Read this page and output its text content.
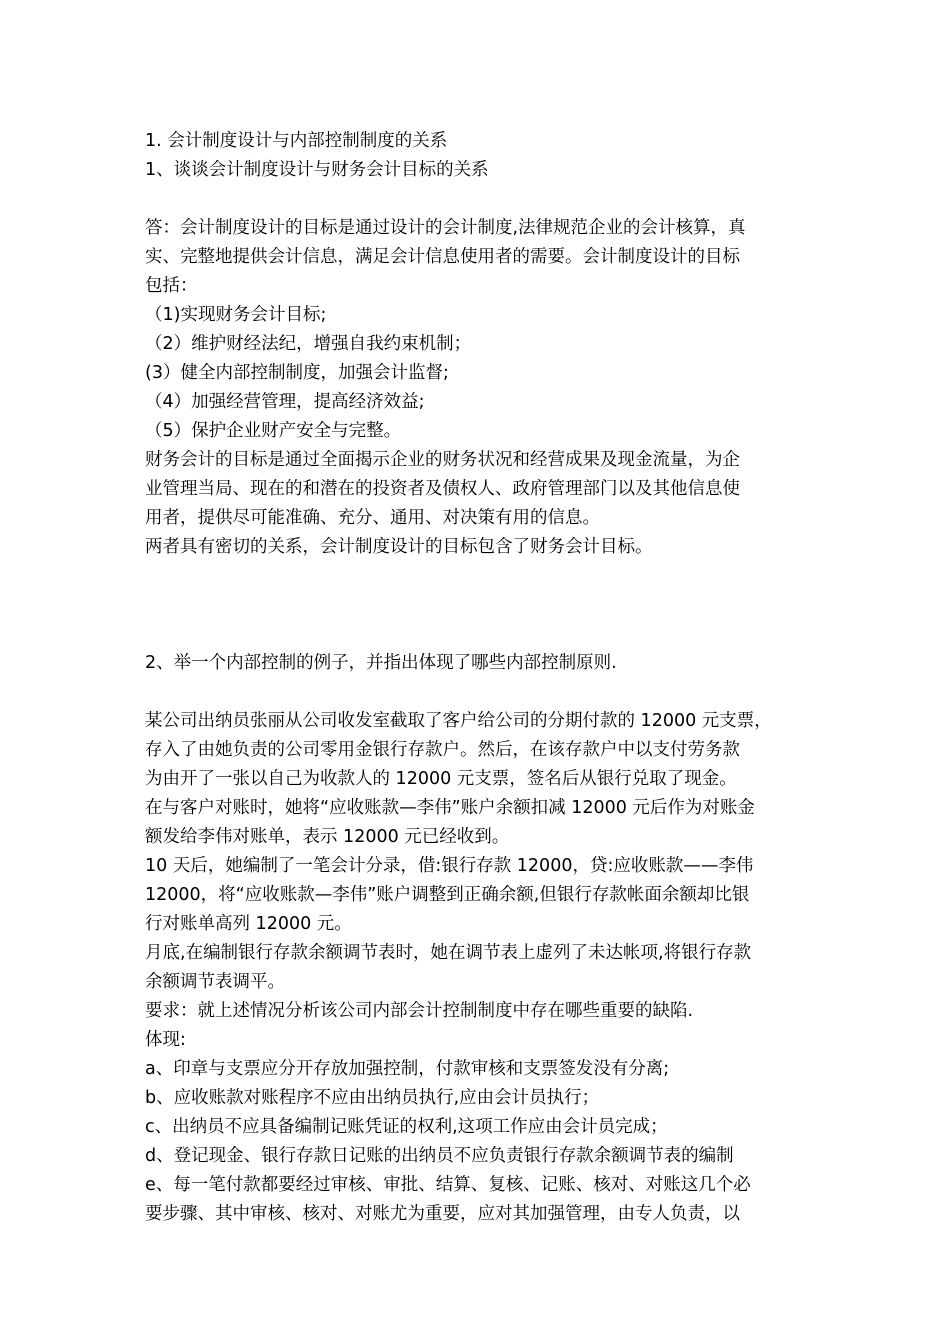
1. 会计制度设计与内部控制制度的关系
1、谈谈会计制度设计与财务会计目标的关系
答：会计制度设计的目标是通过设计的会计制度,法律规范企业的会计核算，真
实、完整地提供会计信息，满足会计信息使用者的需要。会计制度设计的目标
包括：
（1)实现财务会计目标;
（2）维护财经法纪，增强自我约束机制；
(3）健全内部控制制度，加强会计监督;
（4）加强经营管理，提高经济效益;
（5）保护企业财产安全与完整。
财务会计的目标是通过全面揭示企业的财务状况和经营成果及现金流量，为企
业管理当局、现在的和潜在的投资者及债权人、政府管理部门以及其他信息使
用者，提供尽可能准确、充分、通用、对决策有用的信息。
两者具有密切的关系，会计制度设计的目标包含了财务会计目标。
2、举一个内部控制的例子，并指出体现了哪些内部控制原则.
某公司出纳员张丽从公司收发室截取了客户给公司的分期付款的 12000 元支票，
存入了由她负责的公司零用金银行存款户。然后，在该存款户中以支付劳务款
为由开了一张以自己为收款人的 12000 元支票，签名后从银行兑取了现金。
在与客户对账时，她将“应收账款—李伟”账户余额扣减 12000 元后作为对账金
额发给李伟对账单，表示 12000 元已经收到。
10 天后，她编制了一笔会计分录，借:银行存款 12000，贷:应收账款——李伟
12000，将“应收账款—李伟”账户调整到正确余额,但银行存款帐面余额却比银
行对账单高列 12000 元。
月底,在编制银行存款余额调节表时，她在调节表上虚列了未达帐项,将银行存款
余额调节表调平。
要求：就上述情况分析该公司内部会计控制制度中存在哪些重要的缺陷.
体现:
a、印章与支票应分开存放加强控制，付款审核和支票签发没有分离;
b、应收账款对账程序不应由出纳员执行,应由会计员执行；
c、出纳员不应具备编制记账凭证的权利,这项工作应由会计员完成；
d、登记现金、银行存款日记账的出纳员不应负责银行存款余额调节表的编制
e、每一笔付款都要经过审核、审批、结算、复核、记账、核对、对账这几个必
要步骤、其中审核、核对、对账尤为重要，应对其加强管理，由专人负责，以
